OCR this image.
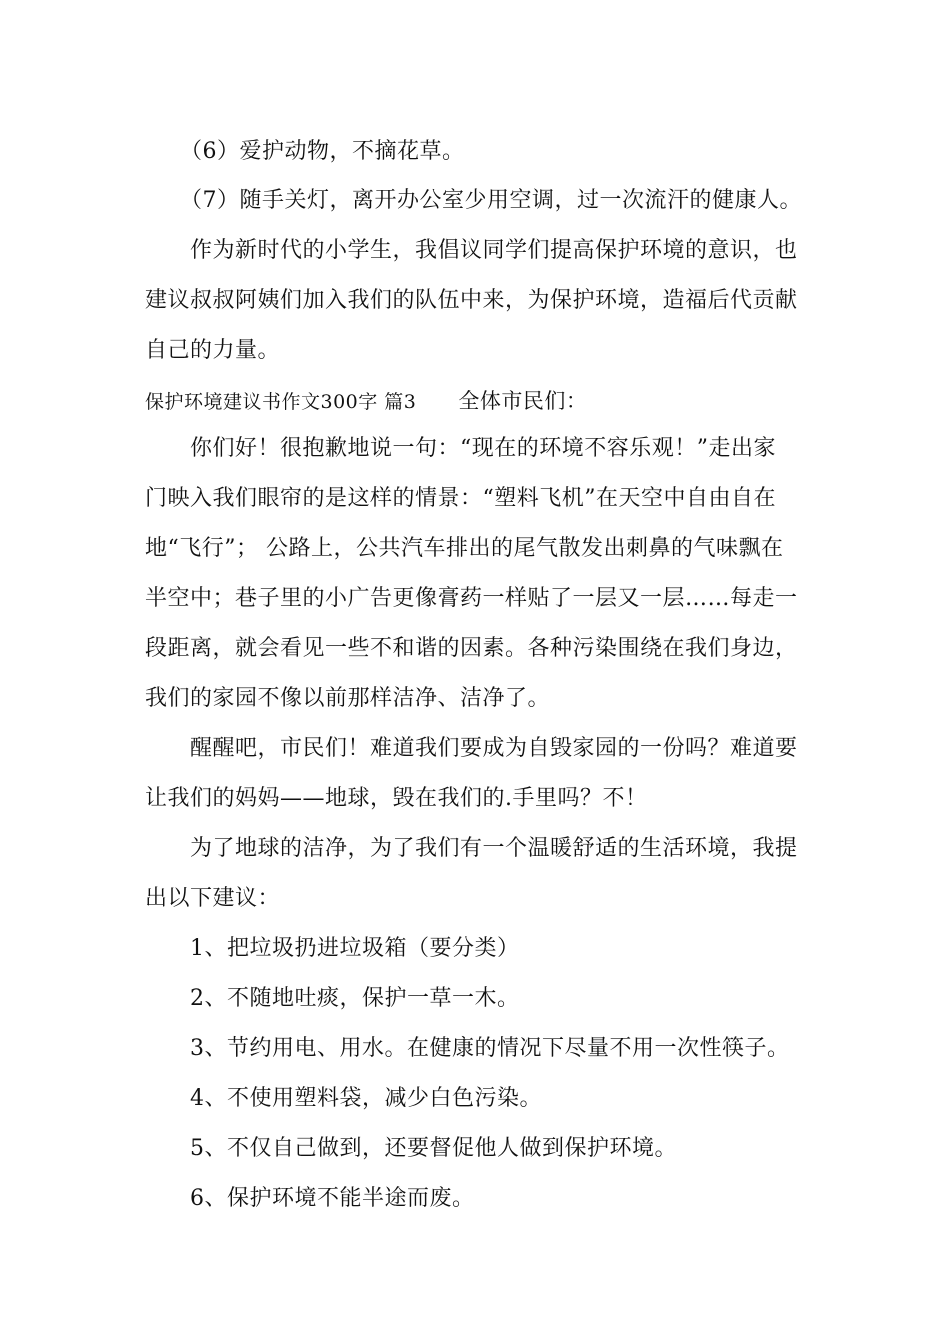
（6）爱护动物，不摘花草。
（7）随手关灯，离开办公室少用空调，过一次流汗的健康人。
作为新时代的小学生，我倡议同学们提高保护环境的意识，也
建议叔叔阿姨们加入我们的队伍中来，为保护环境，造福后代贡献
自己的力量。
保护环境建议书作文300字 篇3 全体市民们：
你们好！很抱歉地说一句：“现在的环境不容乐观！”走出家
门映入我们眼帘的是这样的情景：“塑料飞机”在天空中自由自在
地“飞行”； 公路上，公共汽车排出的尾气散发出刺鼻的气味飘在
半空中；巷子里的小广告更像膏药一样贴了一层又一层……每走一
段距离，就会看见一些不和谐的因素。各种污染围绕在我们身边，
我们的家园不像以前那样洁净、洁净了。
醒醒吧，市民们！难道我们要成为自毁家园的一份吗？难道要
让我们的妈妈——地球，毁在我们的.手里吗？不！
为了地球的洁净，为了我们有一个温暖舒适的生活环境，我提
出以下建议：
1、把垃圾扔进垃圾箱（要分类）
2、不随地吐痰，保护一草一木。
3、节约用电、用水。在健康的情况下尽量不用一次性筷子。
4、不使用塑料袋，减少白色污染。
5、不仅自己做到，还要督促他人做到保护环境。
6、保护环境不能半途而废。
